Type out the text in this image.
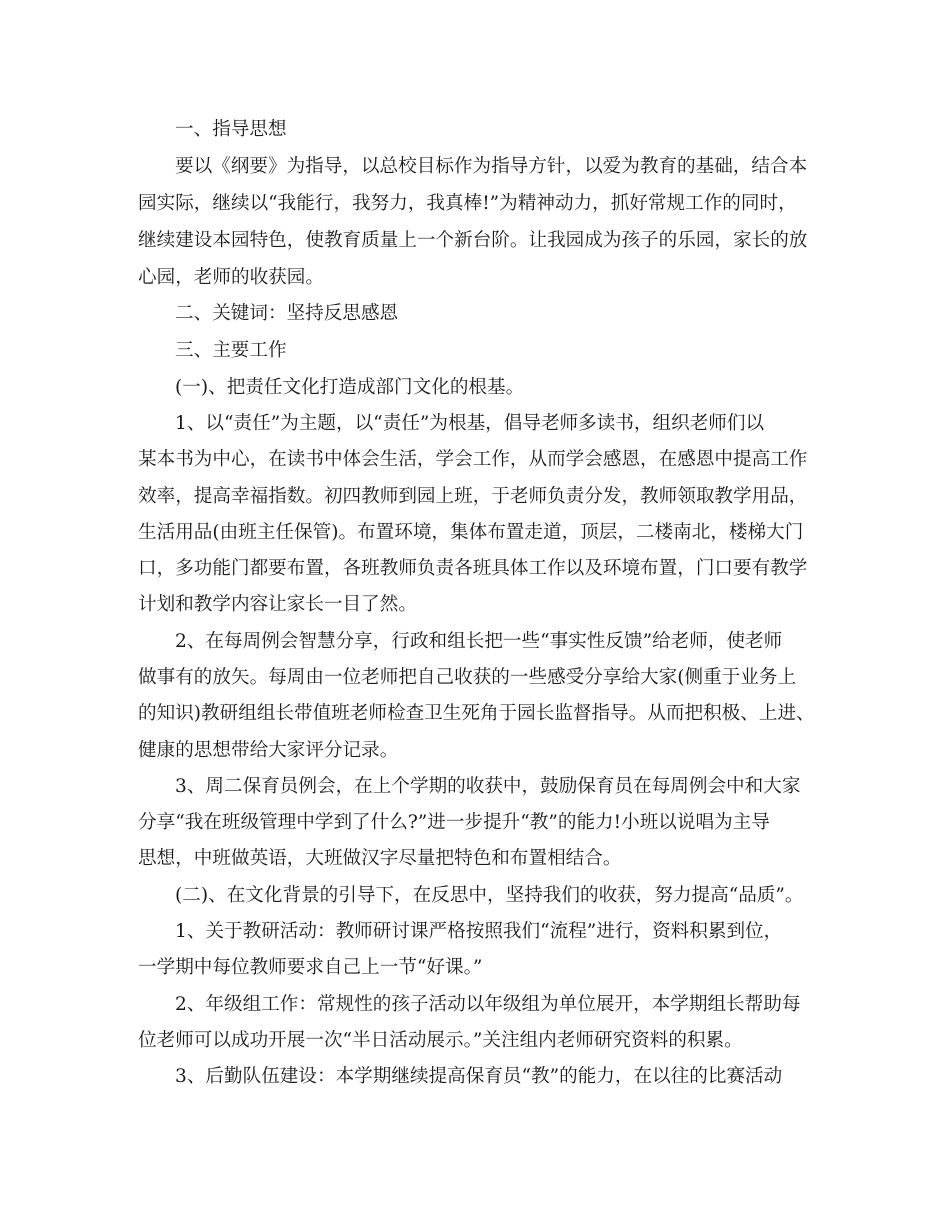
一、指导思想
要以《纲要》为指导，以总校目标作为指导方针，以爱为教育的基础，结合本
园实际，继续以“我能行，我努力，我真棒!”为精神动力，抓好常规工作的同时，
继续建设本园特色，使教育质量上一个新台阶。让我园成为孩子的乐园，家长的放
心园，老师的收获园。
二、关键词：坚持反思感恩
三、主要工作
(一)、把责任文化打造成部门文化的根基。
1、以“责任”为主题，以“责任”为根基，倡导老师多读书，组织老师们以
某本书为中心，在读书中体会生活，学会工作，从而学会感恩，在感恩中提高工作
效率，提高幸福指数。初四教师到园上班，于老师负责分发，教师领取教学用品，
生活用品(由班主任保管)。布置环境，集体布置走道，顶层，二楼南北，楼梯大门
口，多功能门都要布置，各班教师负责各班具体工作以及环境布置，门口要有教学
计划和教学内容让家长一目了然。
2、在每周例会智慧分享，行政和组长把一些“事实性反馈”给老师，使老师
做事有的放矢。每周由一位老师把自己收获的一些感受分享给大家(侧重于业务上
的知识)教研组组长带值班老师检查卫生死角于园长监督指导。从而把积极、上进、
健康的思想带给大家评分记录。
3、周二保育员例会，在上个学期的收获中，鼓励保育员在每周例会中和大家
分享“我在班级管理中学到了什么?”进一步提升“教”的能力!小班以说唱为主导
思想，中班做英语，大班做汉字尽量把特色和布置相结合。
(二)、在文化背景的引导下，在反思中，坚持我们的收获，努力提高“品质”。
1、关于教研活动：教师研讨课严格按照我们“流程”进行，资料积累到位，
一学期中每位教师要求自己上一节“好课。”
2、年级组工作：常规性的孩子活动以年级组为单位展开，本学期组长帮助每
位老师可以成功开展一次“半日活动展示。”关注组内老师研究资料的积累。
3、后勤队伍建设：本学期继续提高保育员“教”的能力，在以往的比赛活动
